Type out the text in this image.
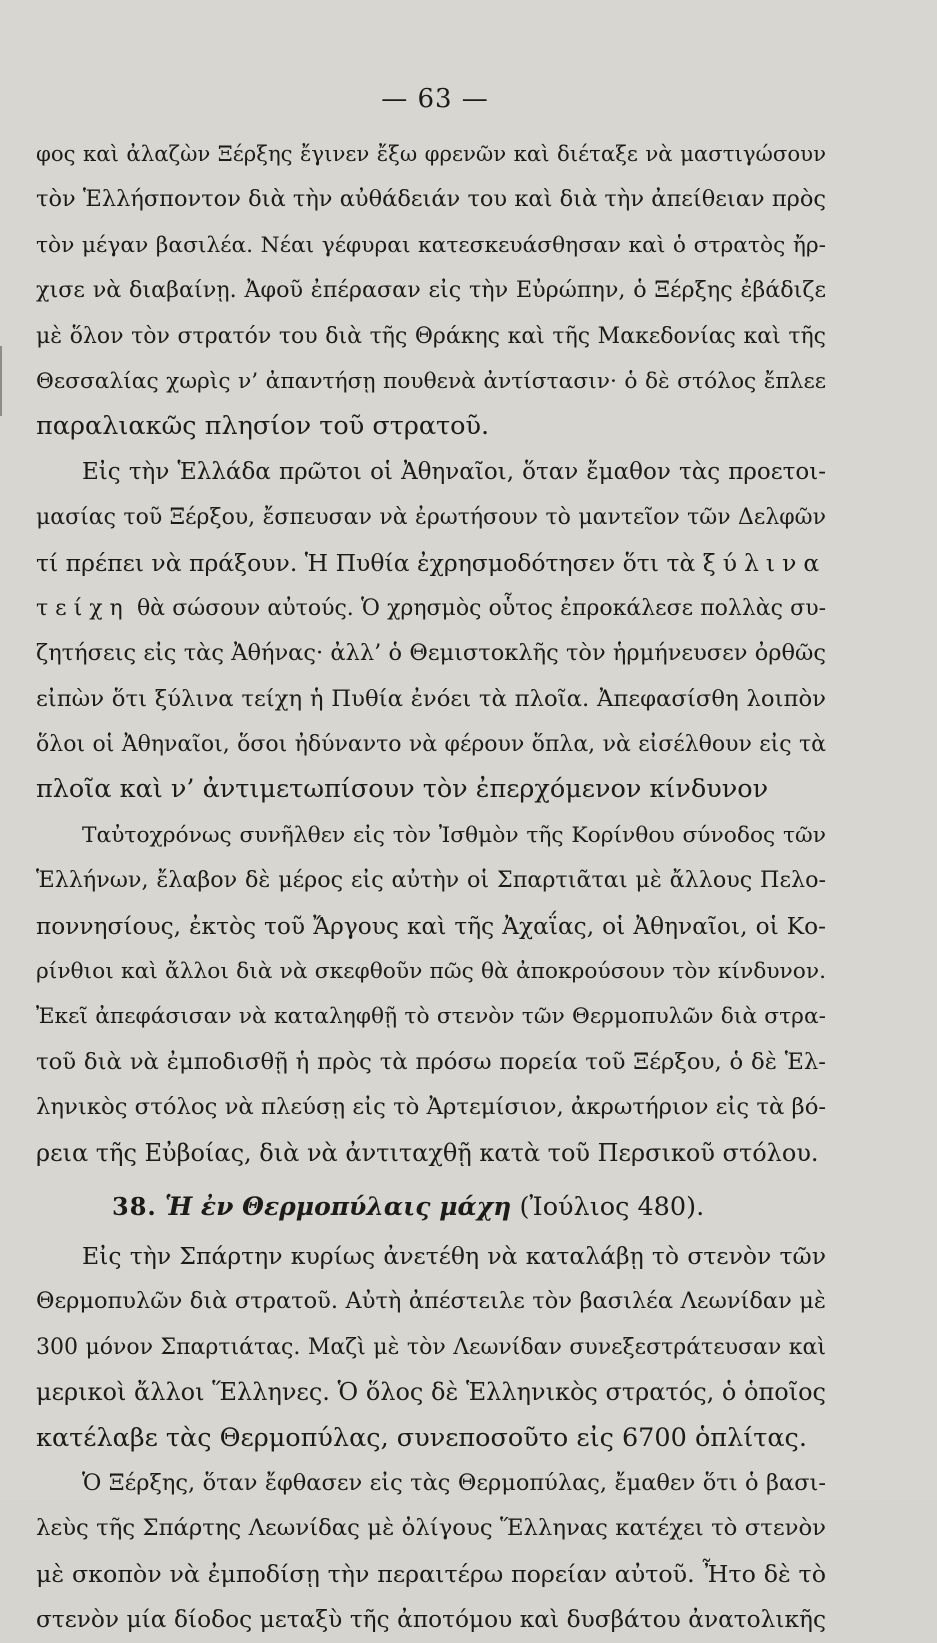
— 63 —
φος καὶ ἀλαζὼν Ξέρξης ἔγινεν ἔξω φρενῶν καὶ διέταξε νὰ μαστιγώσουν
τὸν Ἑλλήσποντον διὰ τὴν αὐθάδειάν του καὶ διὰ τὴν ἀπείθειαν πρὸς
τὸν μέγαν βασιλέα. Νέαι γέφυραι κατεσκευάσθησαν καὶ ὁ στρατὸς ἤρ-
χισε νὰ διαβαίνῃ. Ἀφοῦ ἐπέρασαν εἰς τὴν Εὐρώπην, ὁ Ξέρξης ἐβάδιζε
μὲ ὅλον τὸν στρατόν του διὰ τῆς Θράκης καὶ τῆς Μακεδονίας καὶ τῆς
Θεσσαλίας χωρὶς ν’ ἀπαντήσῃ πουθενὰ ἀντίστασιν· ὁ δὲ στόλος ἔπλεε
παραλιακῶς πλησίον τοῦ στρατοῦ.
Εἰς τὴν Ἑλλάδα πρῶτοι οἱ Ἀθηναῖοι, ὅταν ἔμαθον τὰς προετοι-
μασίας τοῦ Ξέρξου, ἔσπευσαν νὰ ἐρωτήσουν τὸ μαντεῖον τῶν Δελφῶν
τί πρέπει νὰ πράξουν. Ἡ Πυθία ἐχρησμοδότησεν ὅτι τὰ ξύλινα
τείχη θὰ σώσουν αὐτούς. Ὁ χρησμὸς οὗτος ἐπροκάλεσε πολλὰς συ-
ζητήσεις εἰς τὰς Ἀθήνας· ἀλλ’ ὁ Θεμιστοκλῆς τὸν ἡρμήνευσεν ὀρθῶς
εἰπὼν ὅτι ξύλινα τείχη ἡ Πυθία ἐνόει τὰ πλοῖα. Ἀπεφασίσθη λοιπὸν
ὅλοι οἱ Ἀθηναῖοι, ὅσοι ἠδύναντο νὰ φέρουν ὅπλα, νὰ εἰσέλθουν εἰς τὰ
πλοῖα καὶ ν’ ἀντιμετωπίσουν τὸν ἐπερχόμενον κίνδυνον
Ταὐτοχρόνως συνῆλθεν εἰς τὸν Ἰσθμὸν τῆς Κορίνθου σύνοδος τῶν
Ἑλλήνων, ἔλαβον δὲ μέρος εἰς αὐτὴν οἱ Σπαρτιᾶται μὲ ἄλλους Πελο-
ποννησίους, ἐκτὸς τοῦ Ἄργους καὶ τῆς Ἀχαΐας, οἱ Ἀθηναῖοι, οἱ Κο-
ρίνθιοι καὶ ἄλλοι διὰ νὰ σκεφθοῦν πῶς θὰ ἀποκρούσουν τὸν κίνδυνον.
Ἐκεῖ ἀπεφάσισαν νὰ καταληφθῇ τὸ στενὸν τῶν Θερμοπυλῶν διὰ στρα-
τοῦ διὰ νὰ ἐμποδισθῇ ἡ πρὸς τὰ πρόσω πορεία τοῦ Ξέρξου, ὁ δὲ Ἑλ-
ληνικὸς στόλος νὰ πλεύσῃ εἰς τὸ Ἀρτεμίσιον, ἀκρωτήριον εἰς τὰ βό-
ρεια τῆς Εὐβοίας, διὰ νὰ ἀντιταχθῇ κατὰ τοῦ Περσικοῦ στόλου.
38. Ἡ ἐν Θερμοπύλαις μάχη (Ἰούλιος 480).
Εἰς τὴν Σπάρτην κυρίως ἀνετέθη νὰ καταλάβῃ τὸ στενὸν τῶν
Θερμοπυλῶν διὰ στρατοῦ. Αὐτὴ ἀπέστειλε τὸν βασιλέα Λεωνίδαν μὲ
300 μόνον Σπαρτιάτας. Μαζὶ μὲ τὸν Λεωνίδαν συνεξεστράτευσαν καὶ
μερικοὶ ἄλλοι Ἕλληνες. Ὁ ὅλος δὲ Ἑλληνικὸς στρατός, ὁ ὁποῖος
κατέλαβε τὰς Θερμοπύλας, συνεποσοῦτο εἰς 6700 ὁπλίτας.
Ὁ Ξέρξης, ὅταν ἔφθασεν εἰς τὰς Θερμοπύλας, ἔμαθεν ὅτι ὁ βασι-
λεὺς τῆς Σπάρτης Λεωνίδας μὲ ὀλίγους Ἕλληνας κατέχει τὸ στενὸν
μὲ σκοπὸν νὰ ἐμποδίσῃ τὴν περαιτέρω πορείαν αὐτοῦ. Ἦτο δὲ τὸ
στενὸν μία δίοδος μεταξὺ τῆς ἀποτόμου καὶ δυσβάτου ἀνατολικῆς
